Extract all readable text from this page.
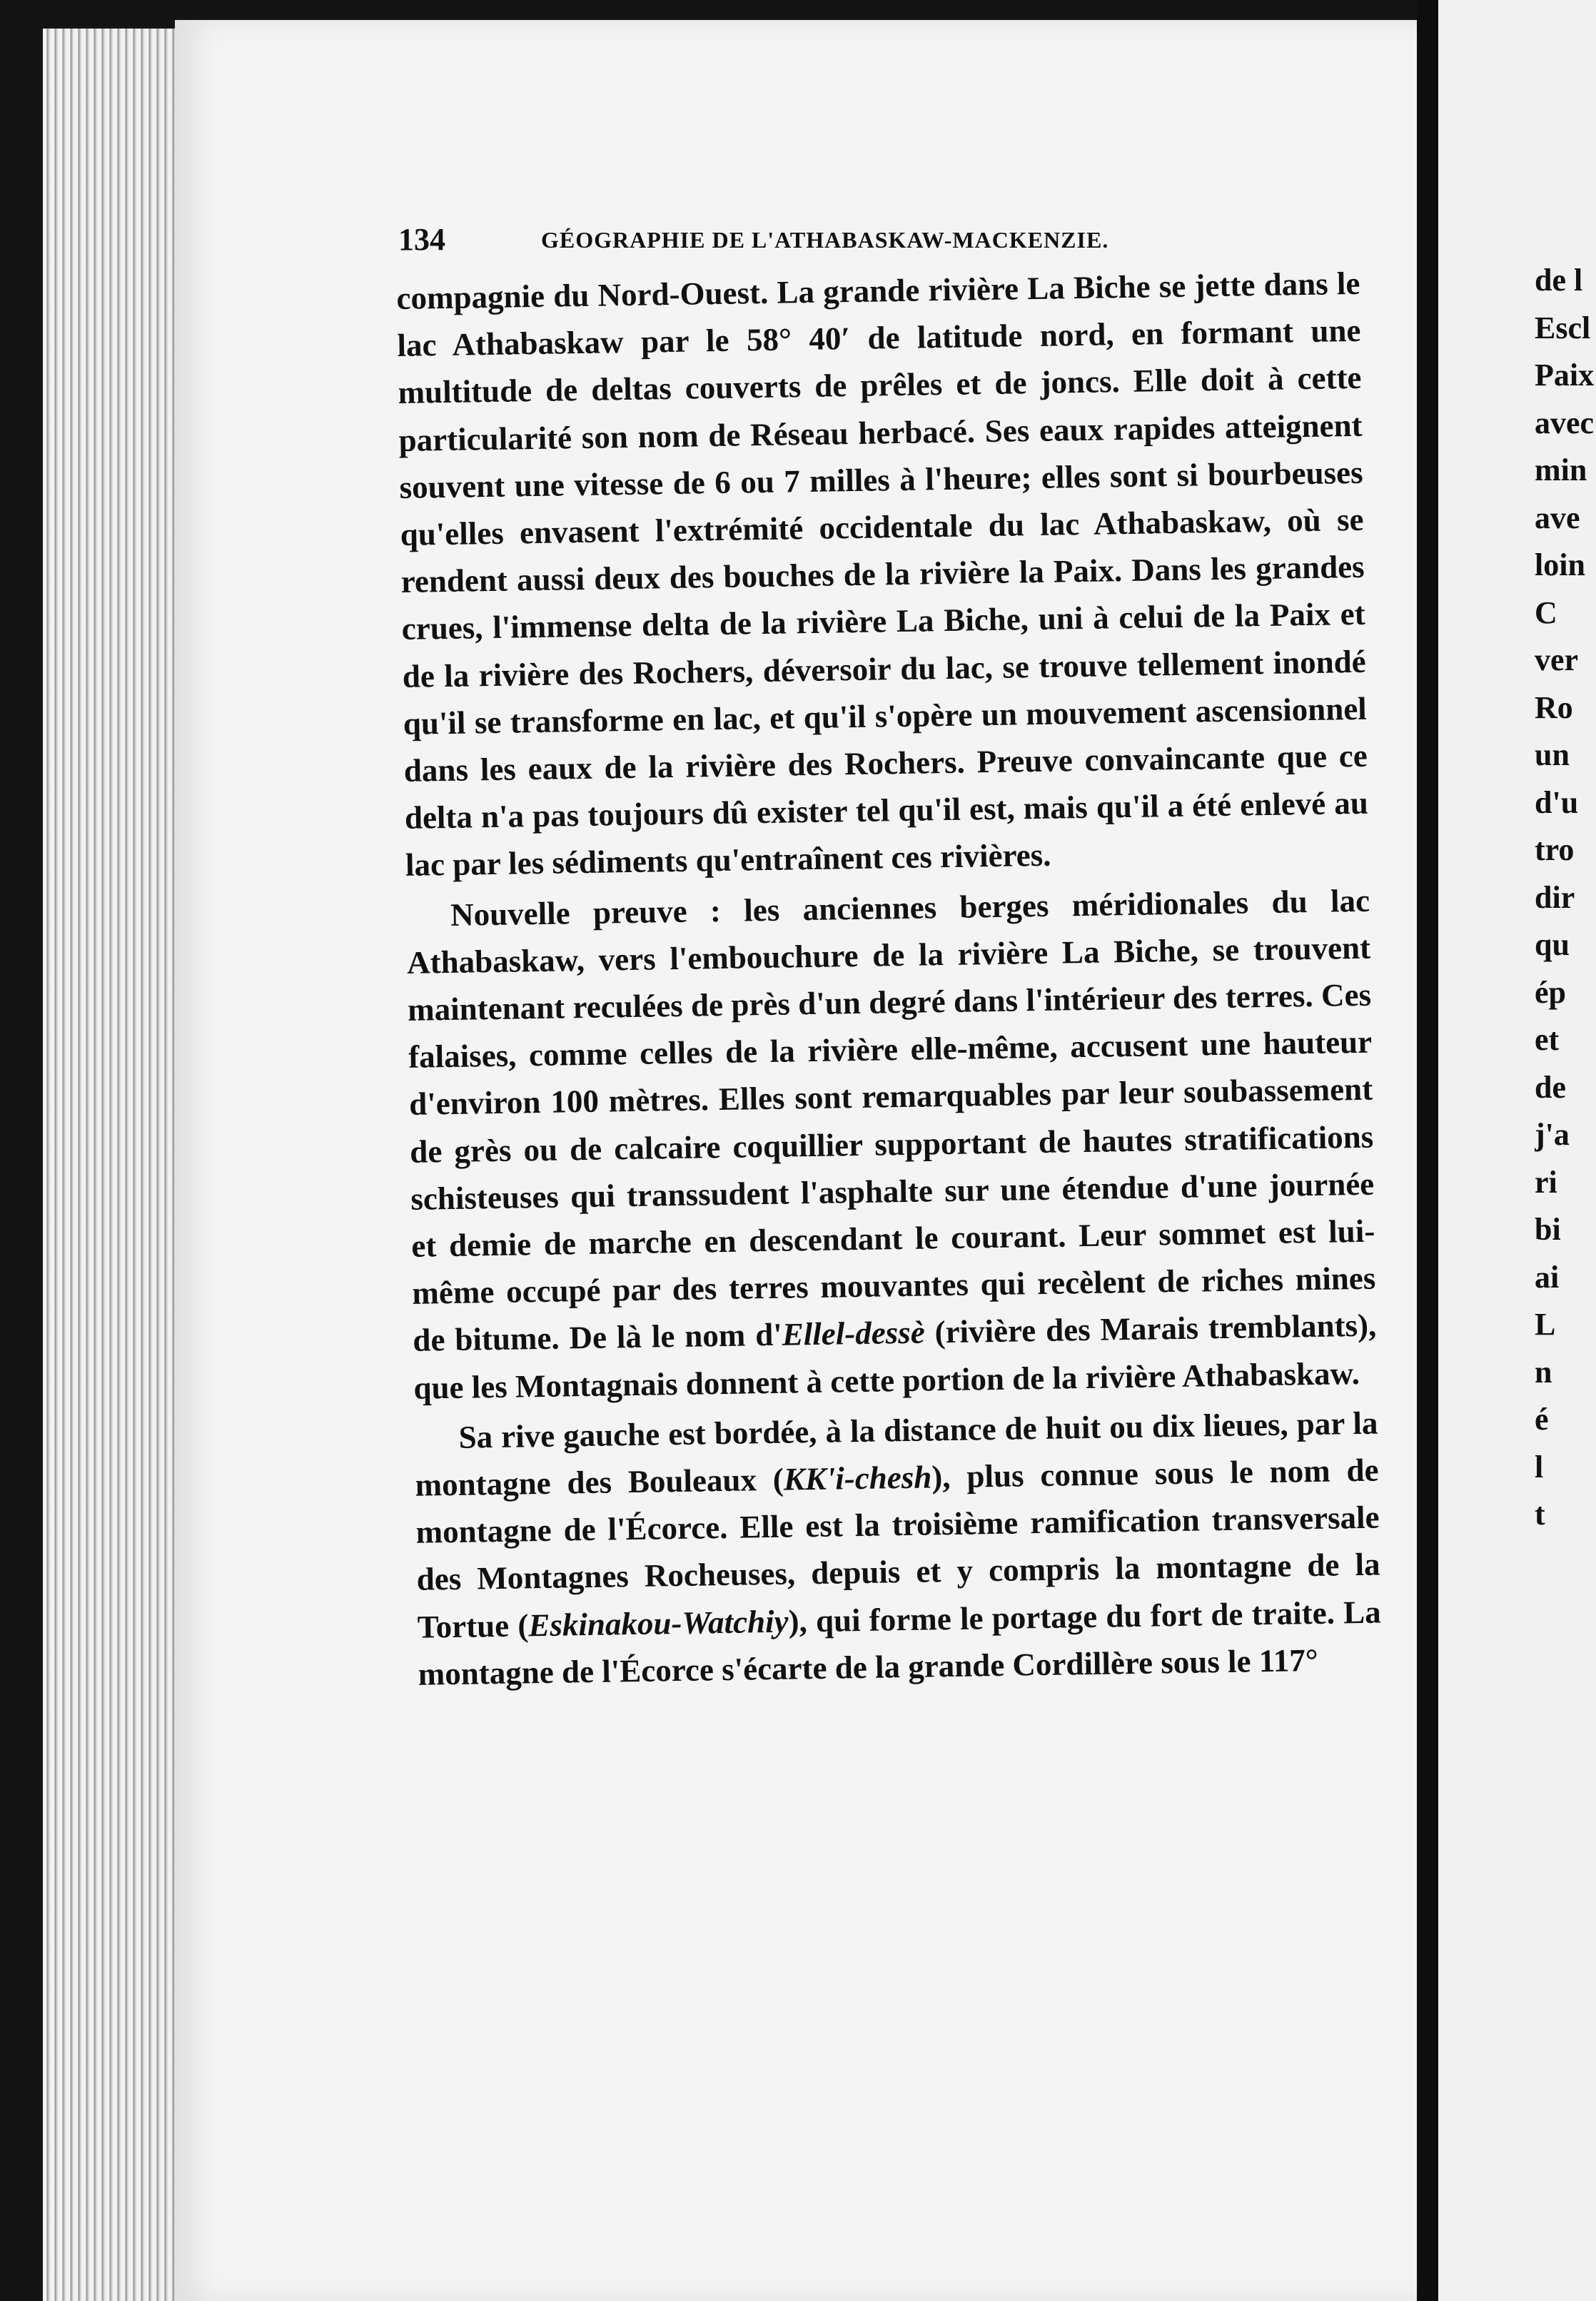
134	GÉOGRAPHIE DE L'ATHABASKAW-MACKENZIE.

compagnie du Nord-Ouest. La grande rivière La Biche se jette dans le lac Athabaskaw par le 58° 40′ de latitude nord, en formant une multitude de deltas couverts de prêles et de joncs. Elle doit à cette particularité son nom de Réseau herbacé. Ses eaux rapides atteignent souvent une vitesse de 6 ou 7 milles à l'heure; elles sont si bourbeuses qu'elles envasent l'extrémité occidentale du lac Athabaskaw, où se rendent aussi deux des bouches de la rivière la Paix. Dans les grandes crues, l'immense delta de la rivière La Biche, uni à celui de la Paix et de la rivière des Rochers, déversoir du lac, se trouve tellement inondé qu'il se transforme en lac, et qu'il s'opère un mouvement ascensionnel dans les eaux de la rivière des Rochers. Preuve convaincante que ce delta n'a pas toujours dû exister tel qu'il est, mais qu'il a été enlevé au lac par les sédiments qu'entraînent ces rivières.

Nouvelle preuve : les anciennes berges méridionales du lac Athabaskaw, vers l'embouchure de la rivière La Biche, se trouvent maintenant reculées de près d'un degré dans l'intérieur des terres. Ces falaises, comme celles de la rivière elle-même, accusent une hauteur d'environ 100 mètres. Elles sont remarquables par leur soubassement de grès ou de calcaire coquillier supportant de hautes stratifications schisteuses qui transsudent l'asphalte sur une étendue d'une journée et demie de marche en descendant le courant. Leur sommet est lui-même occupé par des terres mouvantes qui recèlent de riches mines de bitume. De là le nom d'Ellel-dessè (rivière des Marais tremblants), que les Montagnais donnent à cette portion de la rivière Athabaskaw.

Sa rive gauche est bordée, à la distance de huit ou dix lieues, par la montagne des Bouleaux (KK'i-chesh), plus connue sous le nom de montagne de l'Écorce. Elle est la troisième ramification transversale des Montagnes Rocheuses, depuis et y compris la montagne de la Tortue (Eskinakou-Watchiy), qui forme le portage du fort de traite. La montagne de l'Écorce s'écarte de la grande Cordillère sous le 117°

de l
Escl
Paix
avec
min
ave
loin
C
ver
Ro
un
d'u
tro
dir
qu
ép
et
de
j'a
ri
bi
ai
L
n
é
l
t
